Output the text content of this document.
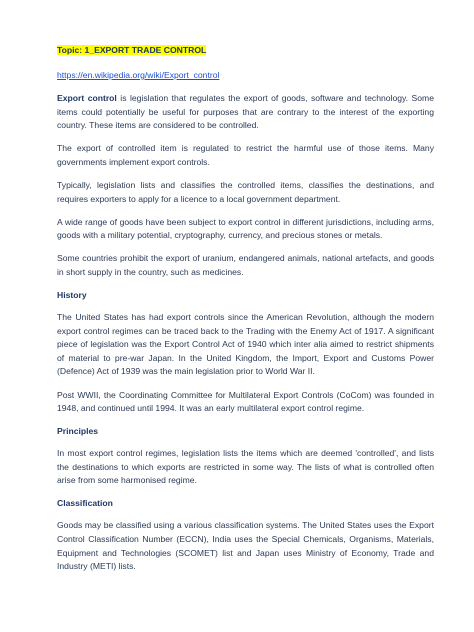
Topic: 1_EXPORT TRADE CONTROL
https://en.wikipedia.org/wiki/Export_control

Export control is legislation that regulates the export of goods, software and technology. Some items could potentially be useful for purposes that are contrary to the interest of the exporting country. These items are considered to be controlled.

The export of controlled item is regulated to restrict the harmful use of those items. Many governments implement export controls.

Typically, legislation lists and classifies the controlled items, classifies the destinations, and requires exporters to apply for a licence to a local government department.

A wide range of goods have been subject to export control in different jurisdictions, including arms, goods with a military potential, cryptography, currency, and precious stones or metals.

Some countries prohibit the export of uranium, endangered animals, national artefacts, and goods in short supply in the country, such as medicines.

History

The United States has had export controls since the American Revolution, although the modern export control regimes can be traced back to the Trading with the Enemy Act of 1917. A significant piece of legislation was the Export Control Act of 1940 which inter alia aimed to restrict shipments of material to pre-war Japan. In the United Kingdom, the Import, Export and Customs Power (Defence) Act of 1939 was the main legislation prior to World War II.

Post WWII, the Coordinating Committee for Multilateral Export Controls (CoCom) was founded in 1948, and continued until 1994. It was an early multilateral export control regime.

Principles

In most export control regimes, legislation lists the items which are deemed 'controlled', and lists the destinations to which exports are restricted in some way. The lists of what is controlled often arise from some harmonised regime.

Classification

Goods may be classified using a various classification systems. The United States uses the Export Control Classification Number (ECCN), India uses the Special Chemicals, Organisms, Materials, Equipment and Technologies (SCOMET) list and Japan uses Ministry of Economy, Trade and Industry (METI) lists.
